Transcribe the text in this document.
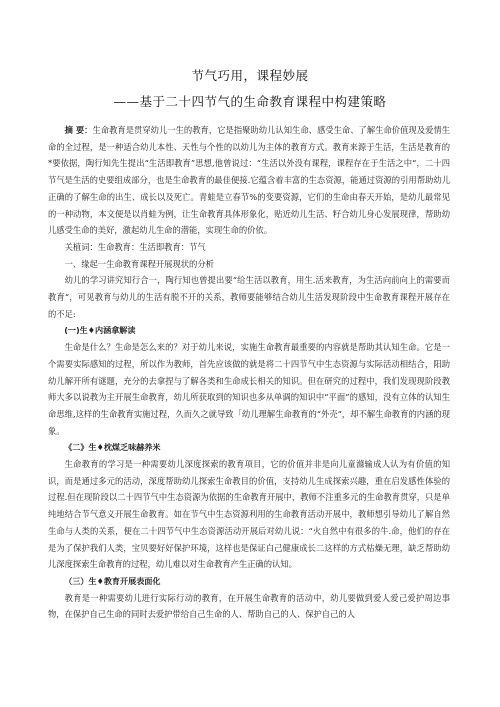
节气巧用，课程妙展
——基于二十四节气的生命教育课程中构建策略

摘 要：生命教育是贯穿幼儿一生的教育，它是指聚助幼儿认知生命、感受生命、了解生命价值现及爱情生命的全过程，是一种适合幼儿本性、天性与个性的以幼儿为主体的教育方式。教育来源于生活，生活是教育的*要依据，陶行知先生提出“生活即教育”思想,他曾说过：“生活以外没有课程，课程存在于生活之中“，二十四节气是生活的史要组成部分，也是生命教育的最佳便接.它蕴含着丰富的生态资源，能通过资源的引用帮助幼儿正确的了解生命的出生、成长以及死亡。青蛙是立春节%的变要资源，它们的生命由春天开始，是幼儿最常见的一种动物，本文便是以肖蛙为例，让生命教育具体形象化，贴近幼儿生活、籽合幼儿身心发展现律，帮助幼儿感受生命的美好，激起幼儿生命的潜能，实现生命的价依。

关植词：生命教育：生活即教育：节气

一、缘起一生命教育课程开展现状的分析

幼儿的学习讲究知行合一，陶行知也曾提出要“给生活以教育，用生.活来教育，为生活向前向上的需要而教育“，可见教育与幼儿的生活有脱不开的关系，教师要能够结合幼儿生活发现阶段中生命教育课程开展存在的不足:

(一)生♦内涵拿解读

生命是什么？生命是怎么来的？对于幼儿来说，实施生命教育最重要的内容就是帮助其认知生命。它是一个需要实际感知的过程，所以作为教师，首先应该做的就是将二十四节气中生态资源与实际活动相结合，阳助幼儿解开所有谜题，充分的去拿捏与了解各类和生命成长相关的知识。但在研究的过程中，我们发现现阶段教师大多以说教为主开展生命教育，幼儿所获取到的知识也多从单调的知识中“平面”的感知，没有立体的认知生命思维,这样的生命教育实施过程，久而久之就导致「幼儿理解生命教育的“外壳“，却不解生命教育的内涵的现象。

《二》生♦枕煤乏味赫养米

生命教育的学习是一种需要幼儿深度探索的教育项目，它的价值并非是向儿童滌输成人认为有价值的知识，而是通过多元的活动，深度帮助幼儿探索生命教目的价值，支持幼儿生成探索兴趣，重在启发感性体验的过程.但在现阶段以二十四节气中生态资源为依据的生命教育开展中，教师不注重多元的生命教育贯穿，只是单纯地结合节气意义开展生命教育。如在节气中生态资源利用的生命教育活动开展中，教师想引导幼儿了解自然生命与人类的关系，便在二十四节气中生态资源活动开展后对幼儿说：“火自然中有很多的牛.命，他们的存在是为了保护我们人类，宝贝要好好保护环境，这样也是保证白己健康成长二这样的方式枯燥无理，缺乏帮助幼儿深度探索生命教育的过程，幼儿难以对生命教育产生正确的认知。

（三）生♦教育开展表面化

教育是一种需要幼儿进行实际行动的教育，在开展生命教育的活动中，幼儿要做到爱人爱己爱护周边事物，在保护自己生命的同时去爱护带给自己生命的人、帮助自己的人、保护自己的人
